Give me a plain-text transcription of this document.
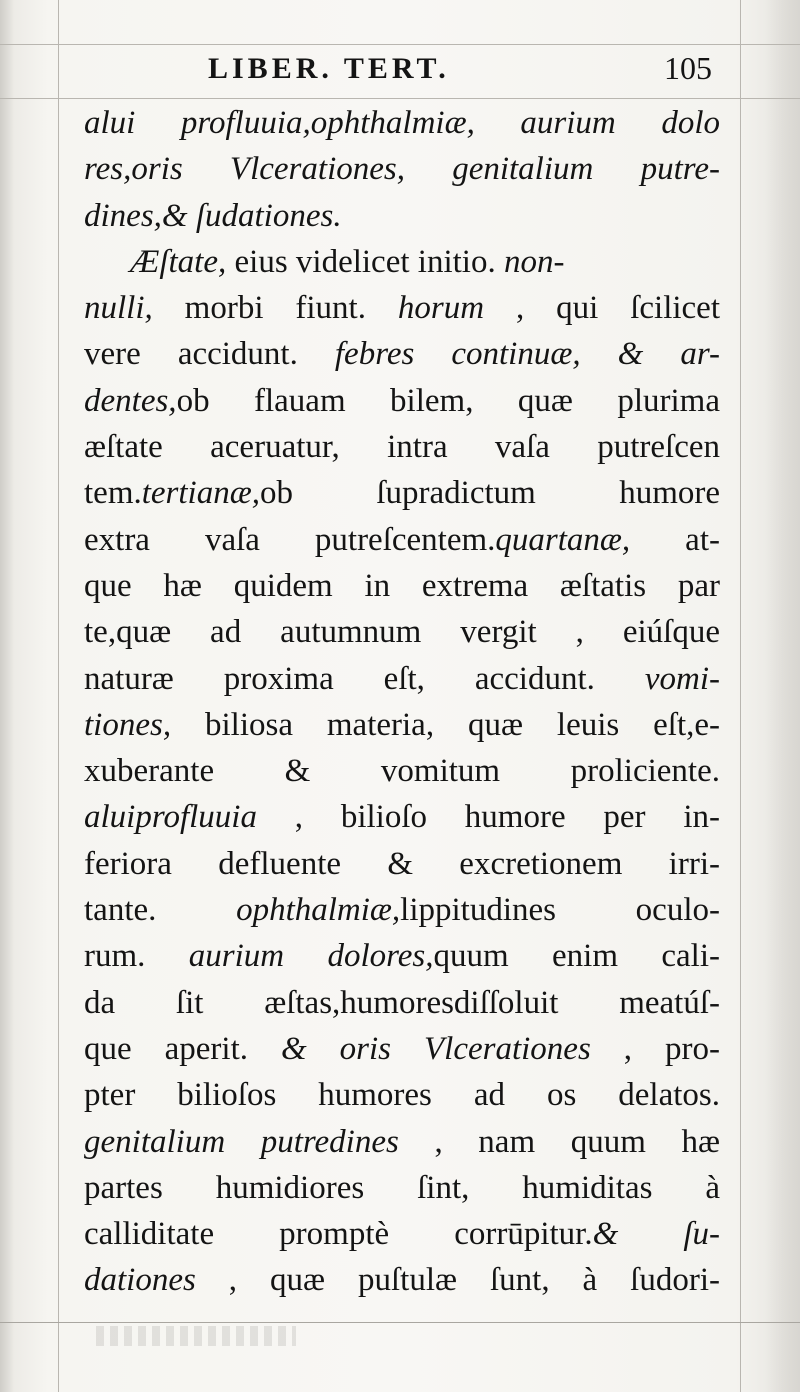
LIBER. TERT.	105
alui profluuia,ophthalmiæ, aurium dolo
res,oris Vlcerationes, genitalium putre-
dines,& ſudationes.
Æſtate, eius videlicet initio. non-
nulli, morbi fiunt. horum , qui ſcilicet
vere accidunt. febres continuæ, & ar-
dentes,ob flauam bilem, quæ plurima
æſtate aceruatur, intra vaſa putreſcen
tem.tertianæ,ob ſupradictum humore
extra vaſa putreſcentem.quartanæ, at-
que hæ quidem in extrema æſtatis par
te,quæ ad autumnum vergit , eiúſque
naturæ proxima eſt, accidunt. vomi-
tiones, biliosa materia, quæ leuis eſt,e-
xuberante & vomitum proliciente.
aluiprofluuia , bilioſo humore per in-
feriora defluente & excretionem irri-
tante. ophthalmiæ,lippitudines oculo-
rum. aurium dolores,quum enim cali-
da ſit æſtas,humoresdiſſoluit meatúſ-
que aperit. & oris Vlcerationes , pro-
pter bilioſos humores ad os delatos.
genitalium putredines , nam quum hæ
partes humidiores ſint, humiditas à
calliditate promptè corrūpitur.& ſu-
dationes , quæ puſtulæ ſunt, à ſudori-
